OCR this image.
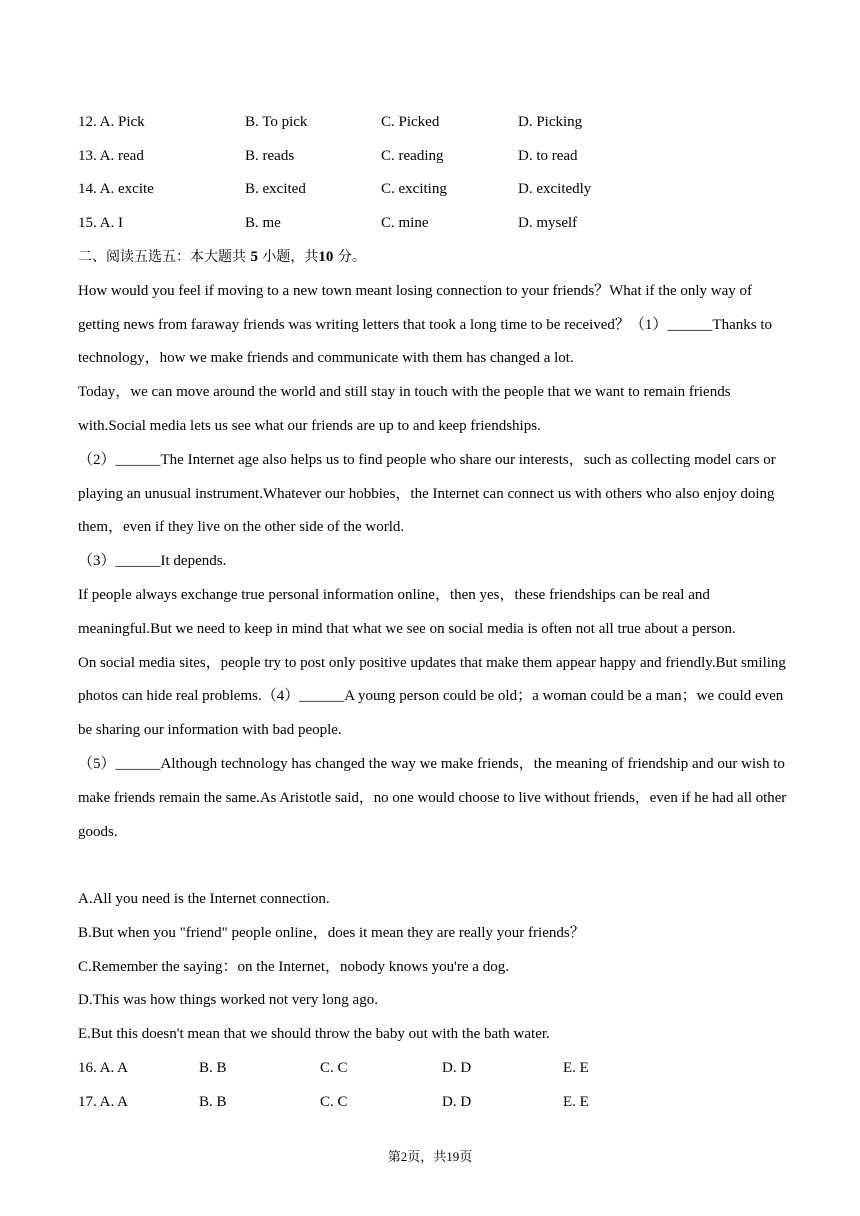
12. A. Pick	B. To pick	C. Picked	D. Picking
13. A. read	B. reads	C. reading	D. to read
14. A. excite	B. excited	C. exciting	D. excitedly
15. A. I	B. me	C. mine	D. myself
二、阅读五选五：本大题共 5 小题，共10 分。
How would you feel if moving to a new town meant losing connection to your friends？What if the only way of
getting news from faraway friends was writing letters that took a long time to be received？（1）______Thanks to
technology，how we make friends and communicate with them has changed a lot.
Today，we can move around the world and still stay in touch with the people that we want to remain friends
with.Social media lets us see what our friends are up to and keep friendships.
（2）______The Internet age also helps us to find people who share our interests，such as collecting model cars or
playing an unusual instrument.Whatever our hobbies，the Internet can connect us with others who also enjoy doing
them，even if they live on the other side of the world.
（3）______It depends.
If people always exchange true personal information online，then yes，these friendships can be real and
meaningful.But we need to keep in mind that what we see on social media is often not all true about a person.
On social media sites，people try to post only positive updates that make them appear happy and friendly.But smiling
photos can hide real problems.（4）______A young person could be old；a woman could be a man；we could even
be sharing our information with bad people.
（5）______Although technology has changed the way we make friends，the meaning of friendship and our wish to
make friends remain the same.As Aristotle said，no one would choose to live without friends，even if he had all other
goods.
A.All you need is the Internet connection.
B.But when you "friend" people online，does it mean they are really your friends？
C.Remember the saying：on the Internet，nobody knows you're a dog.
D.This was how things worked not very long ago.
E.But this doesn't mean that we should throw the baby out with the bath water.
16. A. A	B. B	C. C	D. D	E. E
17. A. A	B. B	C. C	D. D	E. E
第2页，共19页
